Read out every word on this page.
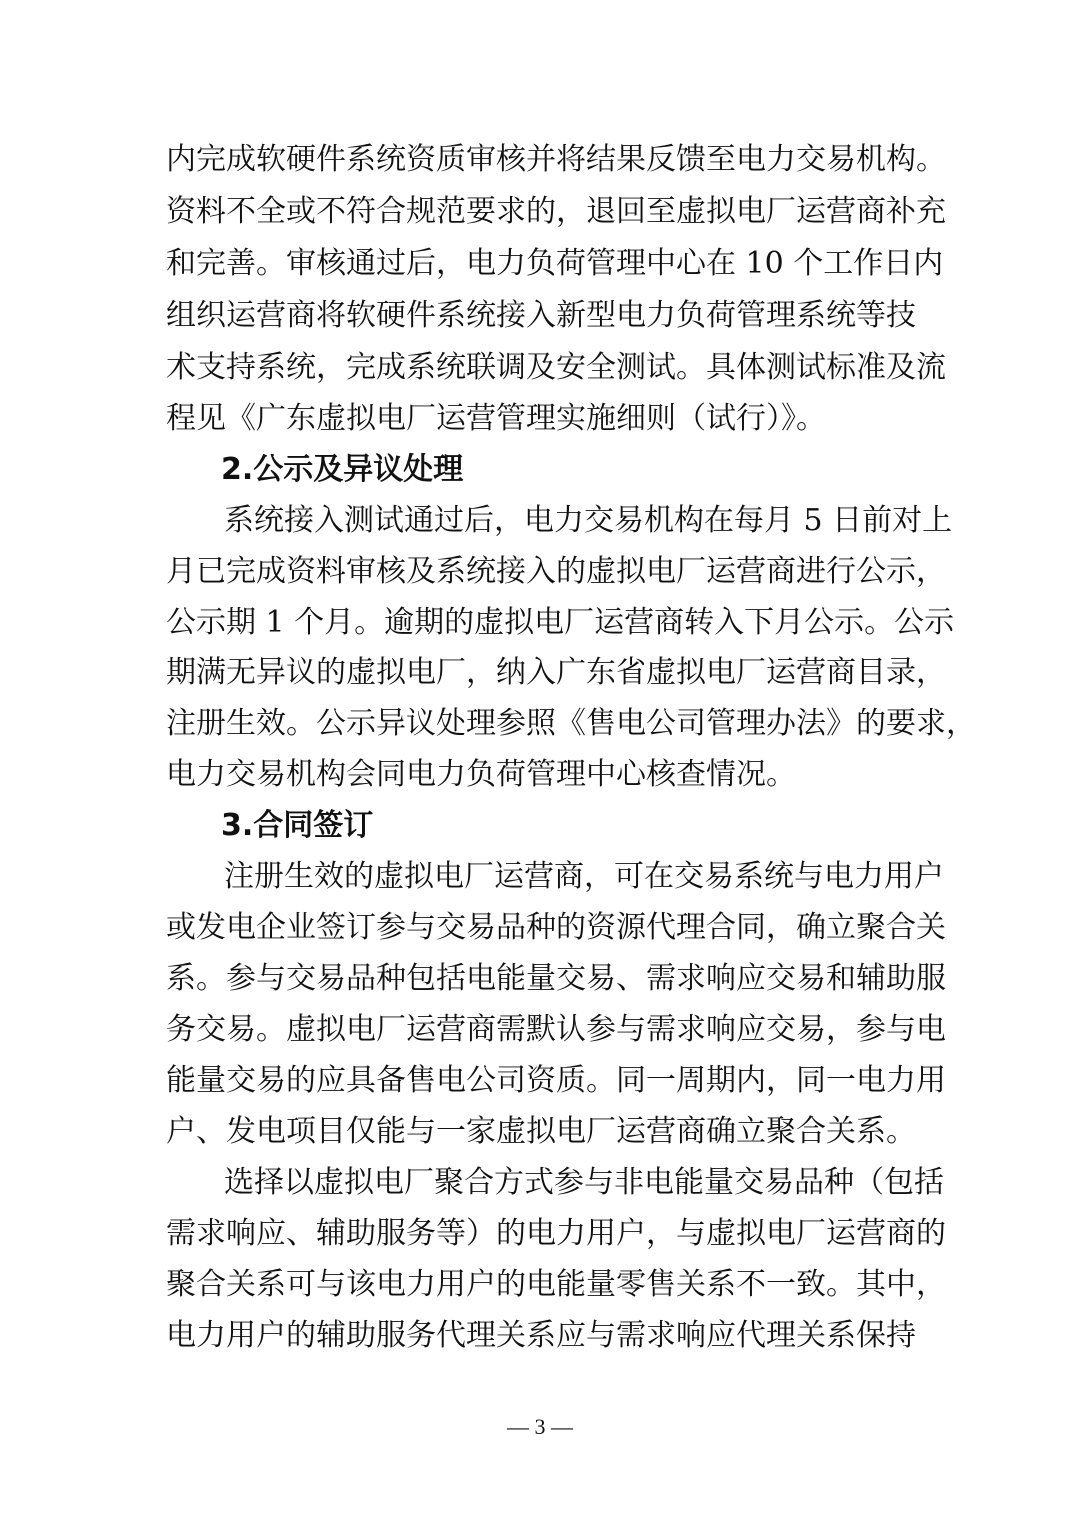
内完成软硬件系统资质审核并将结果反馈至电力交易机构。
资料不全或不符合规范要求的，退回至虚拟电厂运营商补充
和完善。审核通过后，电力负荷管理中心在 10 个工作日内
组织运营商将软硬件系统接入新型电力负荷管理系统等技
术支持系统，完成系统联调及安全测试。具体测试标准及流
程见《广东虚拟电厂运营管理实施细则（试行）》。
2.公示及异议处理
系统接入测试通过后，电力交易机构在每月 5 日前对上
月已完成资料审核及系统接入的虚拟电厂运营商进行公示，
公示期 1 个月。逾期的虚拟电厂运营商转入下月公示。公示
期满无异议的虚拟电厂，纳入广东省虚拟电厂运营商目录，
注册生效。公示异议处理参照《售电公司管理办法》的要求，
电力交易机构会同电力负荷管理中心核查情况。
3.合同签订
注册生效的虚拟电厂运营商，可在交易系统与电力用户
或发电企业签订参与交易品种的资源代理合同，确立聚合关
系。参与交易品种包括电能量交易、需求响应交易和辅助服
务交易。虚拟电厂运营商需默认参与需求响应交易，参与电
能量交易的应具备售电公司资质。同一周期内，同一电力用
户、发电项目仅能与一家虚拟电厂运营商确立聚合关系。
选择以虚拟电厂聚合方式参与非电能量交易品种（包括
需求响应、辅助服务等）的电力用户，与虚拟电厂运营商的
聚合关系可与该电力用户的电能量零售关系不一致。其中，
电力用户的辅助服务代理关系应与需求响应代理关系保持
— 3 —
